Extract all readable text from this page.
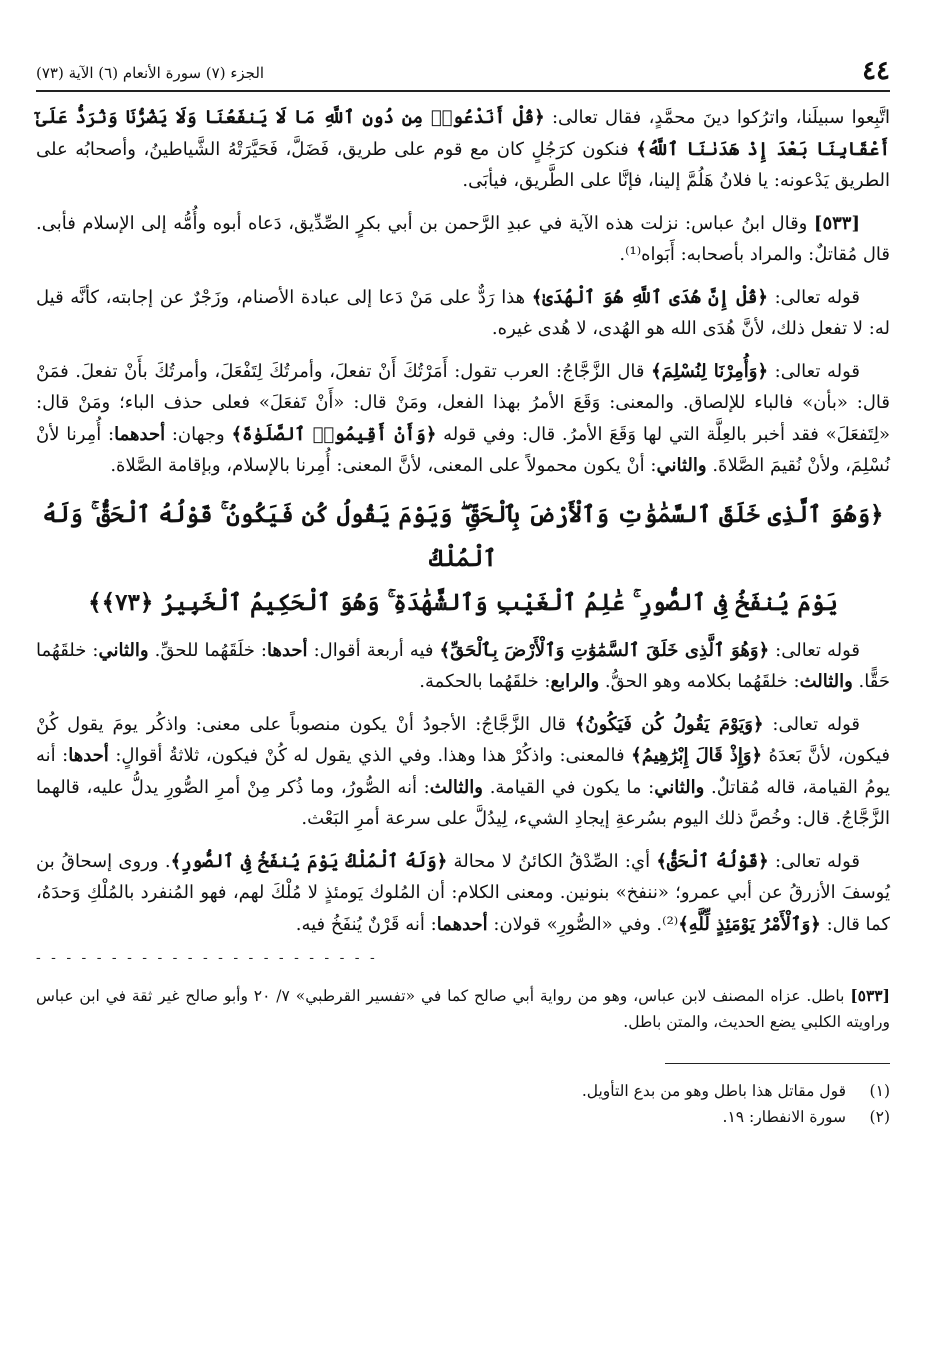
٤٤
الجزء (٧) سورة الأنعام (٦) الآية (٧٣)
اتَّبِعوا سبيلَنا، واترُكوا دينَ محمَّدٍ، فقال تعالى: ﴿قُلْ أَنَدْعُوا۟ مِن دُونِ ٱللَّهِ مَا لَا يَنفَعُنَا وَلَا يَضُرُّنَا وَنُرَدُّ عَلَىٰٓ أَعْقَابِنَا بَعْدَ إِذْ هَدَىٰنَا ٱللَّهُ﴾ فنكون كرَجُلٍ كان مع قوم على طريق، فَضَلَّ، فَحَيَّرَتْهُ الشَّياطينُ، وأصحابُه على الطريق يَدْعونه: يا فلانُ هَلُمَّ إلينا، فإنَّا على الطَّريق، فيأبَى.
[٥٣٣] وقال ابنُ عباس: نزلت هذه الآية في عبدِ الرَّحمن بن أبي بكرٍ الصِّدِّيق، دَعاه أبوه وأُمُّه إلى الإسلام فأبى. قال مُقاتلٌ: والمراد بأصحابه: أَبَواه⁽¹⁾.
قوله تعالى: ﴿قُلْ إِنَّ هُدَى ٱللَّهِ هُوَ ٱلْهُدَىٰ﴾ هذا رَدٌّ على مَنْ دَعا إلى عبادة الأصنام، وزَجْرٌ عن إجابته، كأنَّه قيل له: لا تفعل ذلك، لأنَّ هُدَى الله هو الهُدى، لا هُدى غيره.
قوله تعالى: ﴿وَأُمِرْنَا لِنُسْلِمَ﴾ قال الزَّجَّاجُ: العرب تقول: أَمَرْتُكَ أَنْ تفعلَ، وأمرتُكَ لِتَفْعَلَ، وأمرتُكَ بأَنْ تفعلَ. فمَنْ قال: «بأن» فالباء للإلصاق. والمعنى: وَقَعَ الأمرُ بهذا الفعل، ومَنْ قال: «أَنْ تَفعَلَ» فعلى حذف الباء؛ ومَنْ قال: «لِتَفعَلَ» فقد أخبر بالعِلَّة التي لها وَقَعَ الأمرُ. قال: وفي قوله ﴿وَأَنْ أَقِيمُوا۟ ٱلصَّلَوٰةَ﴾ وجهان: أحدهما: أُمِرنا لأنْ نُسْلِمَ، ولأنْ نُقيمَ الصَّلاةَ. والثاني: أنْ يكون محمولاً على المعنى، لأنَّ المعنى: أُمِرنا بالإسلام، وبإقامة الصَّلاة.
﴿وَهُوَ ٱلَّذِى خَلَقَ ٱلسَّمَٰوَٰتِ وَٱلْأَرْضَ بِٱلْحَقِّ ۖ وَيَوْمَ يَقُولُ كُن فَيَكُونُ ۚ قَوْلُهُ ٱلْحَقُّ ۚ وَلَهُ ٱلْمُلْكُ
يَوْمَ يُنفَخُ فِى ٱلصُّورِ ۚ عَٰلِمُ ٱلْغَيْبِ وَٱلشَّهَٰدَةِ ۚ وَهُوَ ٱلْحَكِيمُ ٱلْخَبِيرُ ﴿٧٣﴾﴾
قوله تعالى: ﴿وَهُوَ ٱلَّذِى خَلَقَ ٱلسَّمَٰوَٰتِ وَٱلْأَرْضَ بِٱلْحَقِّ﴾ فيه أربعة أقوال: أحدها: خلَقَهُما للحقِّ. والثاني: خلقَهُما حَقًّا. والثالث: خلقَهُما بكلامه وهو الحقُّ. والرابع: خلقَهُما بالحكمة.
قوله تعالى: ﴿وَيَوْمَ يَقُولُ كُن فَيَكُونُ﴾ قال الزَّجَّاجُ: الأجودُ أنْ يكون منصوباً على معنى: واذكُر يومَ يقول كُنْ فيكون، لأنَّ بَعدَهُ ﴿وَإِذْ قَالَ إِبْرَٰهِيمُ﴾ فالمعنى: واذكُرْ هذا وهذا. وفي الذي يقول له كُنْ فيكون، ثلاثةُ أقوالٍ: أحدها: أنه يومُ القيامة، قاله مُقاتلٌ. والثاني: ما يكون في القيامة. والثالث: أنه الصُّورُ، وما ذُكر مِنْ أمرِ الصُّورِ يدلُّ عليه، قالهما الزَّجَّاجُ. قال: وخُصَّ ذلك اليوم بسُرعةِ إيجادِ الشيء، لِيدُلَّ على سرعة أمرِ البَعْث.
قوله تعالى: ﴿قَوْلُهُ ٱلْحَقُّ﴾ أي: الصِّدْقُ الكائنُ لا محالة ﴿وَلَهُ ٱلْمُلْكُ يَوْمَ يُنفَخُ فِى ٱلصُّورِ﴾. وروى إسحاقُ بن يُوسفَ الأزرقُ عن أبي عمرو؛ «ننفخ» بنونين. ومعنى الكلام: أن المُلوك يَومئذٍ لا مُلْكَ لهم، فهو المُنفرد بالمُلْكِ وَحدَهُ، كما قال: ﴿وَٱلْأَمْرُ يَوْمَئِذٍ لِّلَّهِ﴾⁽²⁾. وفي «الصُّورِ» قولان: أحدهما: أنه قَرْنٌ يُنفَخُ فيه.
- - - - - - - - - - - - - - - - - - - - - - -
[٥٣٣] باطل. عزاه المصنف لابن عباس، وهو من رواية أبي صالح كما في «تفسير القرطبي» ٧/ ٢٠ وأبو صالح غير ثقة في ابن عباس وراويته الكلبي يضع الحديث، والمتن باطل.
(١)
قول مقاتل هذا باطل وهو من بدع التأويل.
(٢)
سورة الانفطار: ١٩.
